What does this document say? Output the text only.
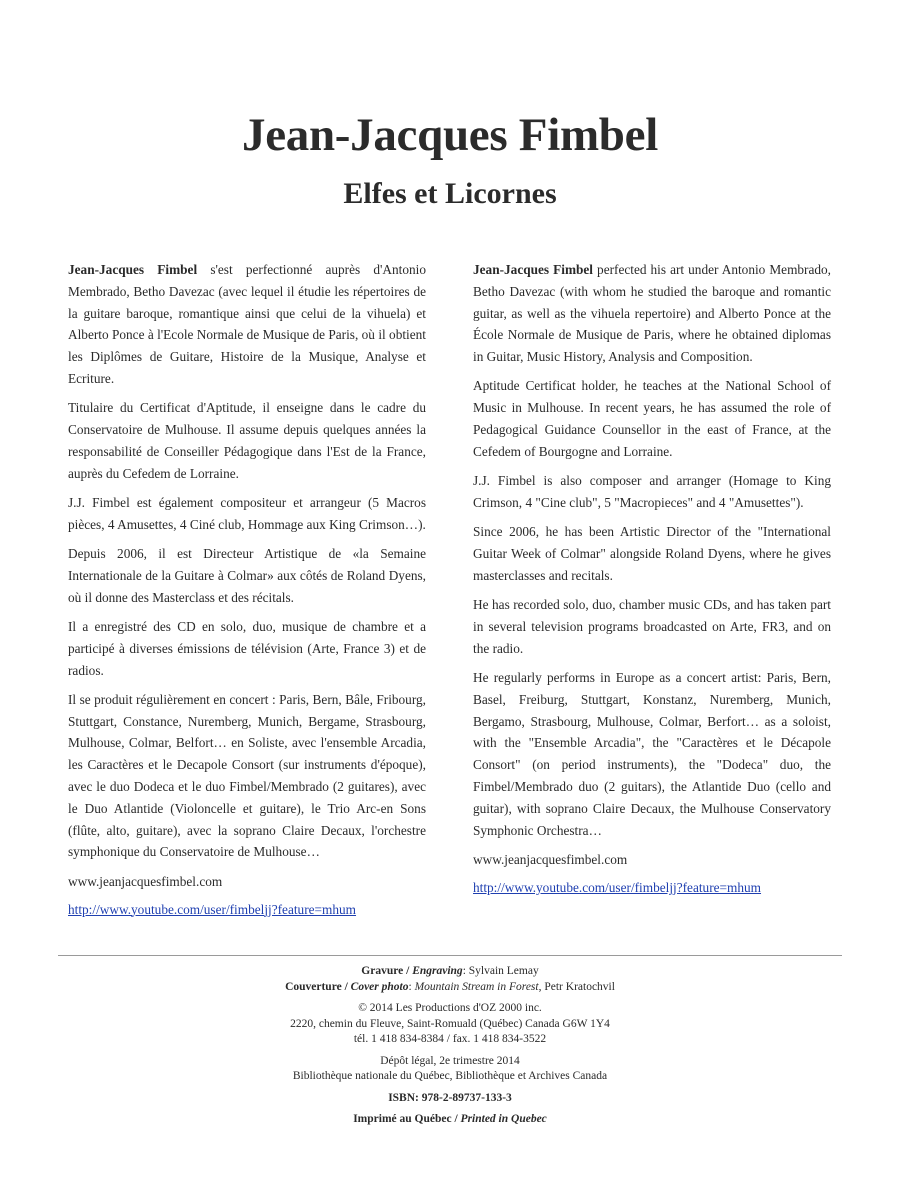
Jean-Jacques Fimbel
Elfes et Licornes

Jean-Jacques Fimbel s'est perfectionné auprès d'Antonio Membrado, Betho Davezac (avec lequel il étudie les répertoires de la guitare baroque, romantique ainsi que celui de la vihuela) et Alberto Ponce à l'Ecole Normale de Musique de Paris, où il obtient les Diplômes de Guitare, Histoire de la Musique, Analyse et Ecriture.

Titulaire du Certificat d'Aptitude, il enseigne dans le cadre du Conservatoire de Mulhouse. Il assume depuis quelques années la responsabilité de Conseiller Pédagogique dans l'Est de la France, auprès du Cefedem de Lorraine.

J.J. Fimbel est également compositeur et arrangeur (5 Macros pièces, 4 Amusettes, 4 Ciné club, Hommage aux King Crimson…).

Depuis 2006, il est Directeur Artistique de «la Semaine Internationale de la Guitare à Colmar» aux côtés de Roland Dyens, où il donne des Masterclass et des récitals.

Il a enregistré des CD en solo, duo, musique de chambre et a participé à diverses émissions de télévision (Arte, France 3) et de radios.

Il se produit régulièrement en concert : Paris, Bern, Bâle, Fribourg, Stuttgart, Constance, Nuremberg, Munich, Bergame, Strasbourg, Mulhouse, Colmar, Belfort… en Soliste, avec l'ensemble Arcadia, les Caractères et le Decapole Consort (sur instruments d'époque), avec le duo Dodeca et le duo Fimbel/Membrado (2 guitares), avec le Duo Atlantide (Violoncelle et guitare), le Trio Arc-en Sons (flûte, alto, guitare), avec la soprano Claire Decaux, l'orchestre symphonique du Conservatoire de Mulhouse…

www.jeanjacquesfimbel.com

http://www.youtube.com/user/fimbeljj?feature=mhum

Jean-Jacques Fimbel perfected his art under Antonio Membrado, Betho Davezac (with whom he studied the baroque and romantic guitar, as well as the vihuela repertoire) and Alberto Ponce at the École Normale de Musique de Paris, where he obtained diplomas in Guitar, Music History, Analysis and Composition.

Aptitude Certificat holder, he teaches at the National School of Music in Mulhouse. In recent years, he has assumed the role of Pedagogical Guidance Counsellor in the east of France, at the Cefedem of Bourgogne and Lorraine.

J.J. Fimbel is also composer and arranger (Homage to King Crimson, 4 "Cine club", 5 "Macropieces" and 4 "Amusettes").

Since 2006, he has been Artistic Director of the "International Guitar Week of Colmar" alongside Roland Dyens, where he gives masterclasses and recitals.

He has recorded solo, duo, chamber music CDs, and has taken part in several television programs broadcasted on Arte, FR3, and on the radio.

He regularly performs in Europe as a concert artist: Paris, Bern, Basel, Freiburg, Stuttgart, Konstanz, Nuremberg, Munich, Bergamo, Strasbourg, Mulhouse, Colmar, Berfort… as a soloist, with the "Ensemble Arcadia", the "Caractères et le Décapole Consort" (on period instruments), the "Dodeca" duo, the Fimbel/Membrado duo (2 guitars), the Atlantide Duo (cello and guitar), with soprano Claire Decaux, the Mulhouse Conservatory Symphonic Orchestra…

www.jeanjacquesfimbel.com

http://www.youtube.com/user/fimbeljj?feature=mhum

Gravure / Engraving: Sylvain Lemay
Couverture / Cover photo: Mountain Stream in Forest, Petr Kratochvil
© 2014 Les Productions d'OZ 2000 inc.
2220, chemin du Fleuve, Saint-Romuald (Québec) Canada G6W 1Y4
tél. 1 418 834-8384 / fax. 1 418 834-3522
Dépôt légal, 2e trimestre 2014
Bibliothèque nationale du Québec, Bibliothèque et Archives Canada
ISBN: 978-2-89737-133-3
Imprimé au Québec / Printed in Quebec
